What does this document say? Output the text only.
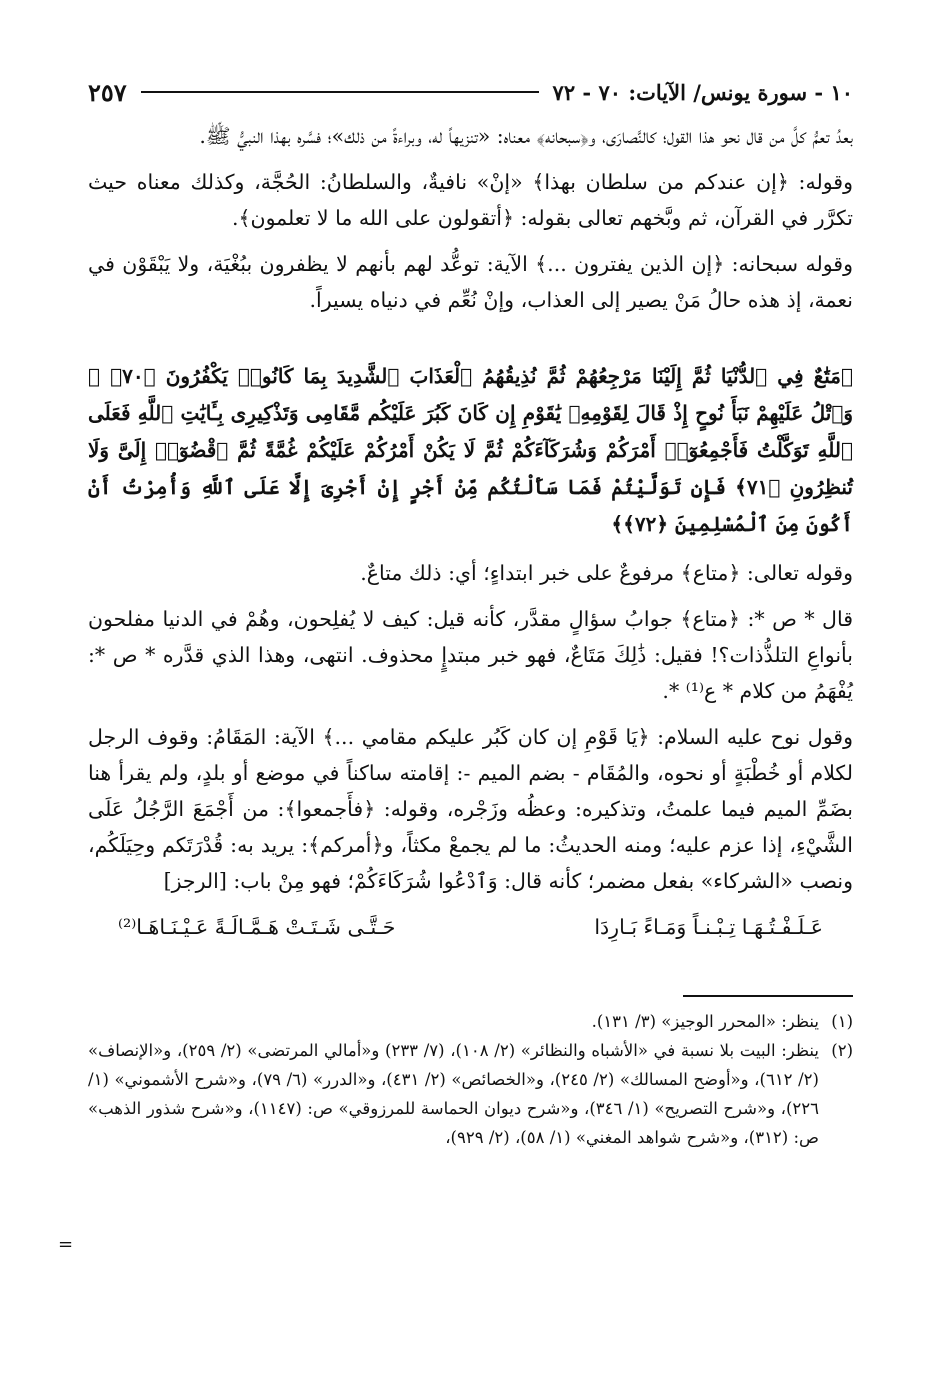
١٠ - سورة يونس/ الآيات: ٧٠ - ٧٢
٢٥٧

بعدُ تعمُّ كلَّ من قال نحو هذا القول؛ كالنَّصارَى، و﴿سبحانه﴾ معناه: «تنزيهاً له، وبراءةً من ذلك»؛ فسَّره بهذا النبيُّ ﷺ.

وقوله: ﴿إن عندكم من سلطان بهذا﴾ «إنْ» نافيةٌ، والسلطانُ: الحُجَّة، وكذلك معناه حيث تكرَّر في القرآن، ثم وبَّخهم تعالى بقوله: ﴿أتقولون على الله ما لا تعلمون﴾.

وقوله سبحانه: ﴿إن الذين يفترون ...﴾ الآية: توعُّد لهم بأنهم لا يظفرون ببُغْيَة، ولا يَبْقَوْن في نعمة، إذ هذه حالُ مَنْ يصير إلى العذاب، وإنْ نُعِّم في دنياه يسيراً.

﴿مَتَٰعٌ فِي ٱلدُّنْيَا ثُمَّ إِلَيْنَا مَرْجِعُهُمْ ثُمَّ نُذِيقُهُمُ ٱلْعَذَابَ ٱلشَّدِيدَ بِمَا كَانُوا۟ يَكْفُرُونَ ﴿٧٠﴾ ۞ وَٱتْلُ عَلَيْهِمْ نَبَأَ نُوحٍ إِذْ قَالَ لِقَوْمِهِۦ يَٰقَوْمِ إِن كَانَ كَبُرَ عَلَيْكُم مَّقَامِى وَتَذْكِيرِى بِـَٔايَٰتِ ٱللَّهِ فَعَلَى ٱللَّهِ تَوَكَّلْتُ فَأَجْمِعُوٓا۟ أَمْرَكُمْ وَشُرَكَآءَكُمْ ثُمَّ لَا يَكُنْ أَمْرُكُمْ عَلَيْكُمْ غُمَّةً ثُمَّ ٱقْضُوٓا۟ إِلَىَّ وَلَا تُنظِرُونِ ﴿٧١﴾ فَإِن تَوَلَّيْتُمْ فَمَا سَأَلْتُكُم مِّنْ أَجْرٍ إِنْ أَجْرِىَ إِلَّا عَلَى ٱللَّهِ وَأُمِرْتُ أَنْ أَكُونَ مِنَ ٱلْمُسْلِمِينَ ﴿٧٢﴾﴾

وقوله تعالى: ﴿متاع﴾ مرفوعٌ على خبر ابتداءٍ؛ أي: ذلك متاعٌ.

قال * ص *: ﴿متاع﴾ جوابُ سؤالٍ مقدَّر، كأنه قيل: كيف لا يُفلِحون، وهُمْ في الدنيا مفلحون بأنواعِ التلذُّذات؟! فقيل: ذَٰلِكَ مَتَاعٌ، فهو خبر مبتدإٍ محذوف. انتهى، وهذا الذي قدَّره * ص *: يُفْهَمُ من كلام * ع⁽¹⁾ *.

وقول نوح عليه السلام: ﴿يَا قَوْمِ إن كان كَبُر عليكم مقامي ...﴾ الآية: المَقَامُ: وقوف الرجل لكلام أو خُطْبَةٍ أو نحوه، والمُقَام - بضم الميم -: إقامته ساكناً في موضع أو بلدٍ، ولم يقرأ هنا بضَمِّ الميم فيما علمتُ، وتذكيره: وعظُه وزَجْره، وقوله: ﴿فأَجمعوا﴾: من أَجْمَعَ الرَّجُلُ عَلَى الشَّيْءِ، إذا عزم عليه؛ ومنه الحديثُ: ما لم يجمعْ مكثاً، و﴿أمركم﴾: يريد به: قُدْرَتَكم وحِيَلَكُم، ونصب «الشركاء» بفعل مضمر؛ كأنه قال: وَٱدْعُوا شُرَكَاءَكُمْ؛ فهو مِنْ باب: [الرجز]

عَـلَـفْـتُـهَـا تِـبْـنـاً وَمَـاءً بَـارِدَا
حَـتَّـى شَـتَـتْ هَـمَّـالَـةً عَـيْـنَـاهَـا⁽²⁾
(١)
ينظر: «المحرر الوجيز» (٣/ ١٣١).
(٢)
ينظر: البيت بلا نسبة في «الأشباه والنظائر» (٢/ ١٠٨)، (٧/ ٢٣٣) و«أمالي المرتضى» (٢/ ٢٥٩)، و«الإنصاف» (٢/ ٦١٢)، و«أوضح المسالك» (٢/ ٢٤٥)، و«الخصائص» (٢/ ٤٣١)، و«الدرر» (٦/ ٧٩)، و«شرح الأشموني» (١/ ٢٢٦)، و«شرح التصريح» (١/ ٣٤٦)، و«شرح ديوان الحماسة للمرزوقي» ص: (١١٤٧)، و«شرح شذور الذهب» ص: (٣١٢)، و«شرح شواهد المغني» (١/ ٥٨)، (٢/ ٩٢٩)،
=
